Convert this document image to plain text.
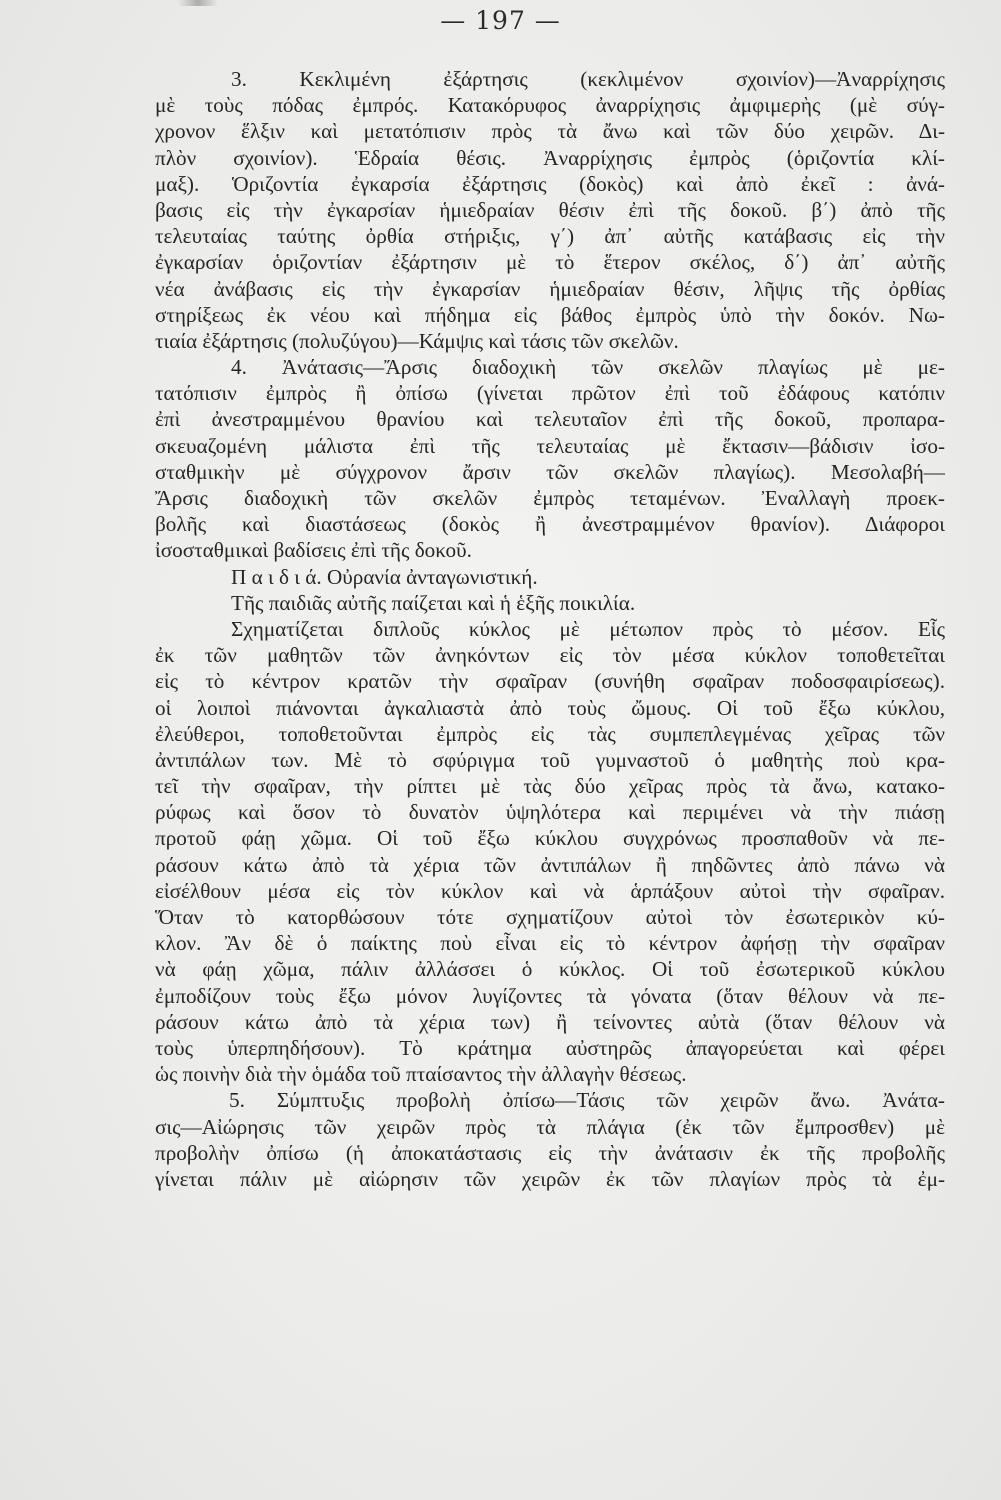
— 197 —
3. Κεκλιμένη ἐξάρτησις (κεκλιμένον σχοινίον)—Ἀναρρίχησις
μὲ τοὺς πόδας ἐμπρός. Κατακόρυφος ἀναρρίχησις ἀμφιμερὴς (μὲ σύγ-
χρονον ἕλξιν καὶ μετατόπισιν πρὸς τὰ ἄνω καὶ τῶν δύο χειρῶν. Δι-
πλὸν σχοινίον). Ἑδραία θέσις. Ἀναρρίχησις ἐμπρὸς (ὁριζοντία κλί-
μαξ). Ὁριζοντία ἐγκαρσία ἐξάρτησις (δοκὸς) καὶ ἀπὸ ἐκεῖ : ἀνά-
βασις εἰς τὴν ἐγκαρσίαν ἡμιεδραίαν θέσιν ἐπὶ τῆς δοκοῦ. β΄) ἀπὸ τῆς
τελευταίας ταύτης ὀρθία στήριξις, γ΄) ἀπ᾽ αὐτῆς κατάβασις εἰς τὴν
ἐγκαρσίαν ὁριζοντίαν ἐξάρτησιν μὲ τὸ ἕτερον σκέλος, δ΄) ἀπ᾽ αὐτῆς
νέα ἀνάβασις εἰς τὴν ἐγκαρσίαν ἡμιεδραίαν θέσιν, λῆψις τῆς ὀρθίας
στηρίξεως ἐκ νέου καὶ πήδημα εἰς βάθος ἐμπρὸς ὑπὸ τὴν δοκόν. Νω-
τιαία ἐξάρτησις (πολυζύγου)—Κάμψις καὶ τάσις τῶν σκελῶν.
4. Ἀνάτασις—Ἄρσις διαδοχικὴ τῶν σκελῶν πλαγίως μὲ με-
τατόπισιν ἐμπρὸς ἢ ὀπίσω (γίνεται πρῶτον ἐπὶ τοῦ ἐδάφους κατόπιν
ἐπὶ ἀνεστραμμένου θρανίου καὶ τελευταῖον ἐπὶ τῆς δοκοῦ, προπαρα-
σκευαζομένη μάλιστα ἐπὶ τῆς τελευταίας μὲ ἔκτασιν—βάδισιν ἰσο-
σταθμικὴν μὲ σύγχρονον ἄρσιν τῶν σκελῶν πλαγίως). Μεσολαβή—
Ἄρσις διαδοχικὴ τῶν σκελῶν ἐμπρὸς τεταμένων. Ἐναλλαγὴ προεκ-
βολῆς καὶ διαστάσεως (δοκὸς ἢ ἀνεστραμμένον θρανίον). Διάφοροι
ἰσοσταθμικαὶ βαδίσεις ἐπὶ τῆς δοκοῦ.
Π α ι δ ι ά. Οὐρανία ἀνταγωνιστική.
Τῆς παιδιᾶς αὐτῆς παίζεται καὶ ἡ ἑξῆς ποικιλία.
Σχηματίζεται διπλοῦς κύκλος μὲ μέτωπον πρὸς τὸ μέσον. Εἷς
ἐκ τῶν μαθητῶν τῶν ἀνηκόντων εἰς τὸν μέσα κύκλον τοποθετεῖται
εἰς τὸ κέντρον κρατῶν τὴν σφαῖραν (συνήθη σφαῖραν ποδοσφαιρίσεως).
οἱ λοιποὶ πιάνονται ἀγκαλιαστὰ ἀπὸ τοὺς ὤμους. Οἱ τοῦ ἔξω κύκλου,
ἐλεύθεροι, τοποθετοῦνται ἐμπρὸς εἰς τὰς συμπεπλεγμένας χεῖρας τῶν
ἀντιπάλων των. Μὲ τὸ σφύριγμα τοῦ γυμναστοῦ ὁ μαθητὴς ποὺ κρα-
τεῖ τὴν σφαῖραν, τὴν ρίπτει μὲ τὰς δύο χεῖρας πρὸς τὰ ἄνω, κατακο-
ρύφως καὶ ὅσον τὸ δυνατὸν ὑψηλότερα καὶ περιμένει νὰ τὴν πιάσῃ
προτοῦ φάῃ χῶμα. Οἱ τοῦ ἔξω κύκλου συγχρόνως προσπαθοῦν νὰ πε-
ράσουν κάτω ἀπὸ τὰ χέρια τῶν ἀντιπάλων ἢ πηδῶντες ἀπὸ πάνω νὰ
εἰσέλθουν μέσα εἰς τὸν κύκλον καὶ νὰ ἁρπάξουν αὐτοὶ τὴν σφαῖραν.
Ὅταν τὸ κατορθώσουν τότε σχηματίζουν αὐτοὶ τὸν ἐσωτερικὸν κύ-
κλον. Ἂν δὲ ὁ παίκτης ποὺ εἶναι εἰς τὸ κέντρον ἀφήσῃ τὴν σφαῖραν
νὰ φάῃ χῶμα, πάλιν ἀλλάσσει ὁ κύκλος. Οἱ τοῦ ἐσωτερικοῦ κύκλου
ἐμποδίζουν τοὺς ἔξω μόνον λυγίζοντες τὰ γόνατα (ὅταν θέλουν νὰ πε-
ράσουν κάτω ἀπὸ τὰ χέρια των) ἢ τείνοντες αὐτὰ (ὅταν θέλουν νὰ
τοὺς ὑπερπηδήσουν). Τὸ κράτημα αὐστηρῶς ἀπαγορεύεται καὶ φέρει
ὡς ποινὴν διὰ τὴν ὁμάδα τοῦ πταίσαντος τὴν ἀλλαγὴν θέσεως.
5. Σύμπτυξις προβολὴ ὀπίσω—Τάσις τῶν χειρῶν ἄνω. Ἀνάτα-
σις—Αἰώρησις τῶν χειρῶν πρὸς τὰ πλάγια (ἐκ τῶν ἔμπροσθεν) μὲ
προβολὴν ὀπίσω (ἡ ἀποκατάστασις εἰς τὴν ἀνάτασιν ἐκ τῆς προβολῆς
γίνεται πάλιν μὲ αἰώρησιν τῶν χειρῶν ἐκ τῶν πλαγίων πρὸς τὰ ἐμ-
